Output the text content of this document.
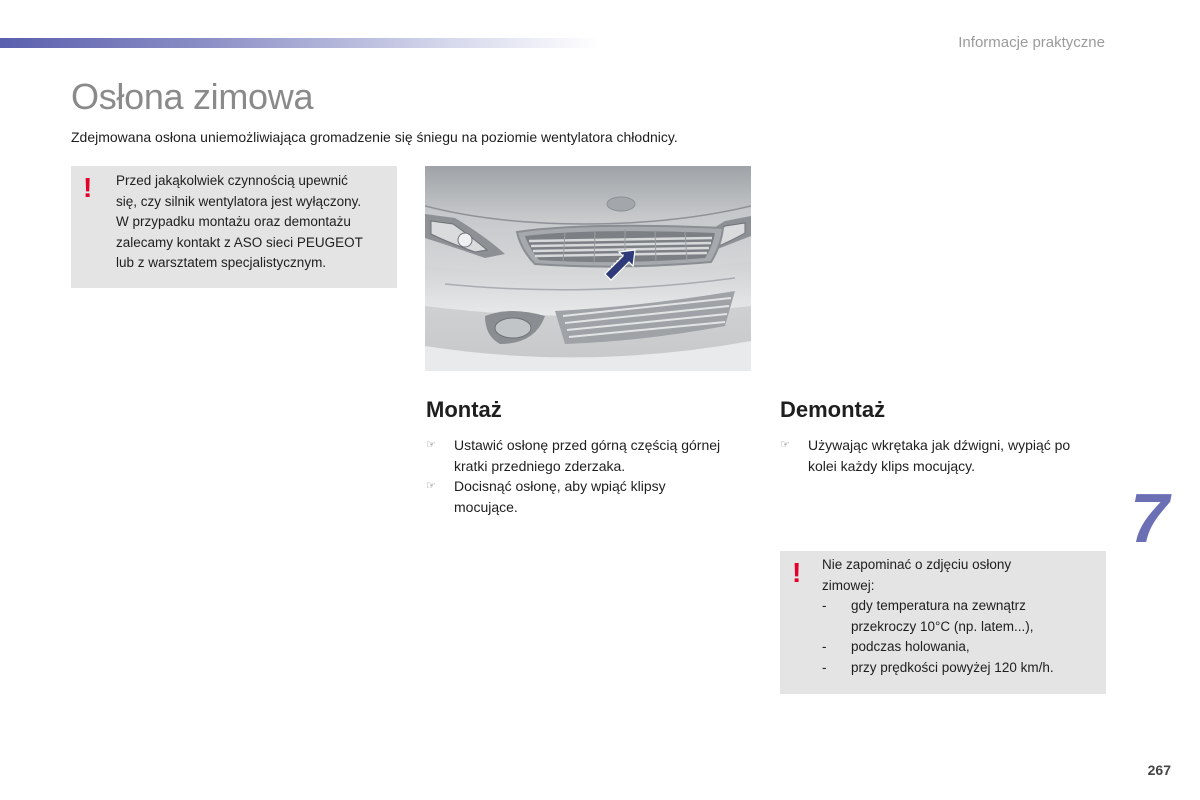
Informacje praktyczne
Osłona zimowa
Zdejmowana osłona uniemożliwiająca gromadzenie się śniegu na poziomie wentylatora chłodnicy.
! Przed jakąkolwiek czynnością upewnić
się, czy silnik wentylatora jest wyłączony.
W przypadku montażu oraz demontażu
zalecamy kontakt z ASO sieci PEUGEOT
lub z warsztatem specjalistycznym.
Montaż
☞ Ustawić osłonę przed górną częścią górnej
kratki przedniego zderzaka.
☞ Docisnąć osłonę, aby wpiąć klipsy
mocujące.
Demontaż
☞ Używając wkrętaka jak dźwigni, wypiąć po
kolei każdy klips mocujący.
7
! Nie zapominać o zdjęciu osłony
zimowej:
-	gdy temperatura na zewnątrz
przekroczy 10°C (np. latem...),
-	podczas holowania,
-	przy prędkości powyżej 120 km/h.
267
